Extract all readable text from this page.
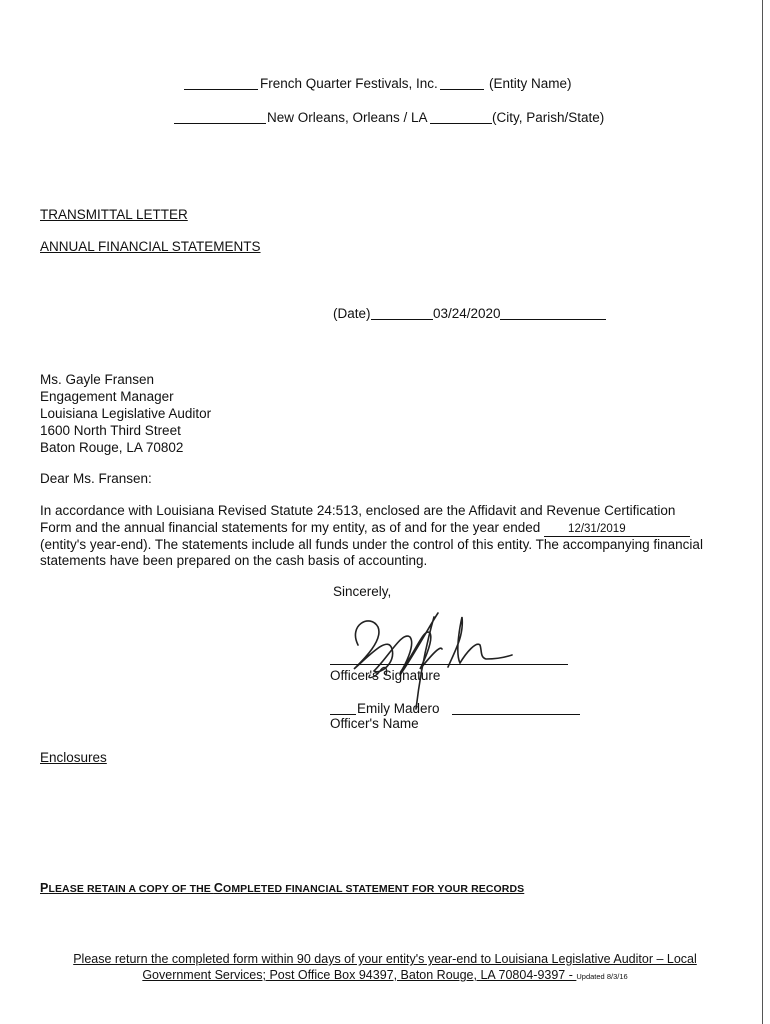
French Quarter Festivals, Inc.	(Entity Name)
New Orleans, Orleans / LA	(City, Parish/State)
TRANSMITTAL LETTER
ANNUAL FINANCIAL STATEMENTS
(Date)	03/24/2020
Ms. Gayle Fransen
Engagement Manager
Louisiana Legislative Auditor
1600 North Third Street
Baton Rouge, LA 70802
Dear Ms. Fransen:
In accordance with Louisiana Revised Statute 24:513, enclosed are the Affidavit and Revenue Certification Form and the annual financial statements for my entity, as of and for the year ended 12/31/2019 (entity's year-end). The statements include all funds under the control of this entity. The accompanying financial statements have been prepared on the cash basis of accounting.
Sincerely,
Officer's Signature
Emily Madero
Officer's Name
Enclosures
PLEASE RETAIN A COPY OF THE COMPLETED FINANCIAL STATEMENT FOR YOUR RECORDS
Please return the completed form within 90 days of your entity's year-end to Louisiana Legislative Auditor – Local
Government Services; Post Office Box 94397, Baton Rouge, LA 70804-9397 - Updated 8/3/16
